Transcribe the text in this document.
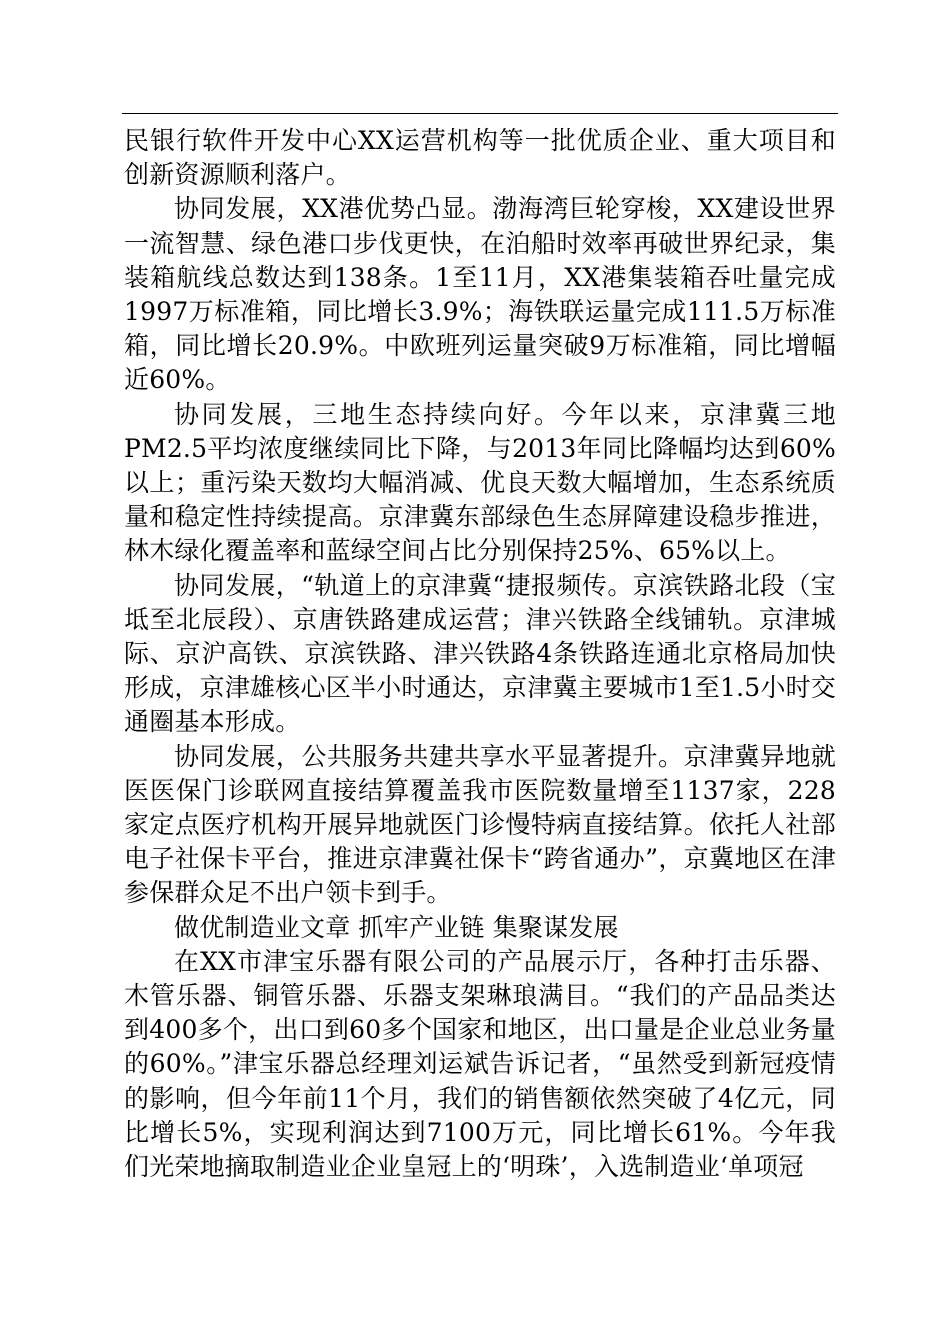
民银行软件开发中心XX运营机构等一批优质企业、重大项目和创新资源顺利落户。

协同发展，XX港优势凸显。渤海湾巨轮穿梭，XX建设世界一流智慧、绿色港口步伐更快，在泊船时效率再破世界纪录，集装箱航线总数达到138条。1至11月，XX港集装箱吞吐量完成1997万标准箱，同比增长3.9%；海铁联运量完成111.5万标准箱，同比增长20.9%。中欧班列运量突破9万标准箱，同比增幅近60%。

协同发展，三地生态持续向好。今年以来，京津冀三地PM2.5平均浓度继续同比下降，与2013年同比降幅均达到60%以上；重污染天数均大幅消减、优良天数大幅增加，生态系统质量和稳定性持续提高。京津冀东部绿色生态屏障建设稳步推进，林木绿化覆盖率和蓝绿空间占比分别保持25%、65%以上。

协同发展，“轨道上的京津冀“捷报频传。京滨铁路北段（宝坻至北辰段）、京唐铁路建成运营；津兴铁路全线铺轨。京津城际、京沪高铁、京滨铁路、津兴铁路4条铁路连通北京格局加快形成，京津雄核心区半小时通达，京津冀主要城市1至1.5小时交通圈基本形成。

协同发展，公共服务共建共享水平显著提升。京津冀异地就医医保门诊联网直接结算覆盖我市医院数量增至1137家，228家定点医疗机构开展异地就医门诊慢特病直接结算。依托人社部电子社保卡平台，推进京津冀社保卡“跨省通办”，京冀地区在津参保群众足不出户领卡到手。

做优制造业文章 抓牢产业链 集聚谋发展

在XX市津宝乐器有限公司的产品展示厅，各种打击乐器、木管乐器、铜管乐器、乐器支架琳琅满目。“我们的产品品类达到400多个，出口到60多个国家和地区，出口量是企业总业务量的60%。”津宝乐器总经理刘运斌告诉记者，“虽然受到新冠疫情的影响，但今年前11个月，我们的销售额依然突破了4亿元，同比增长5%，实现利润达到7100万元，同比增长61%。今年我们光荣地摘取制造业企业皇冠上的‘明珠’，入选制造业‘单项冠
